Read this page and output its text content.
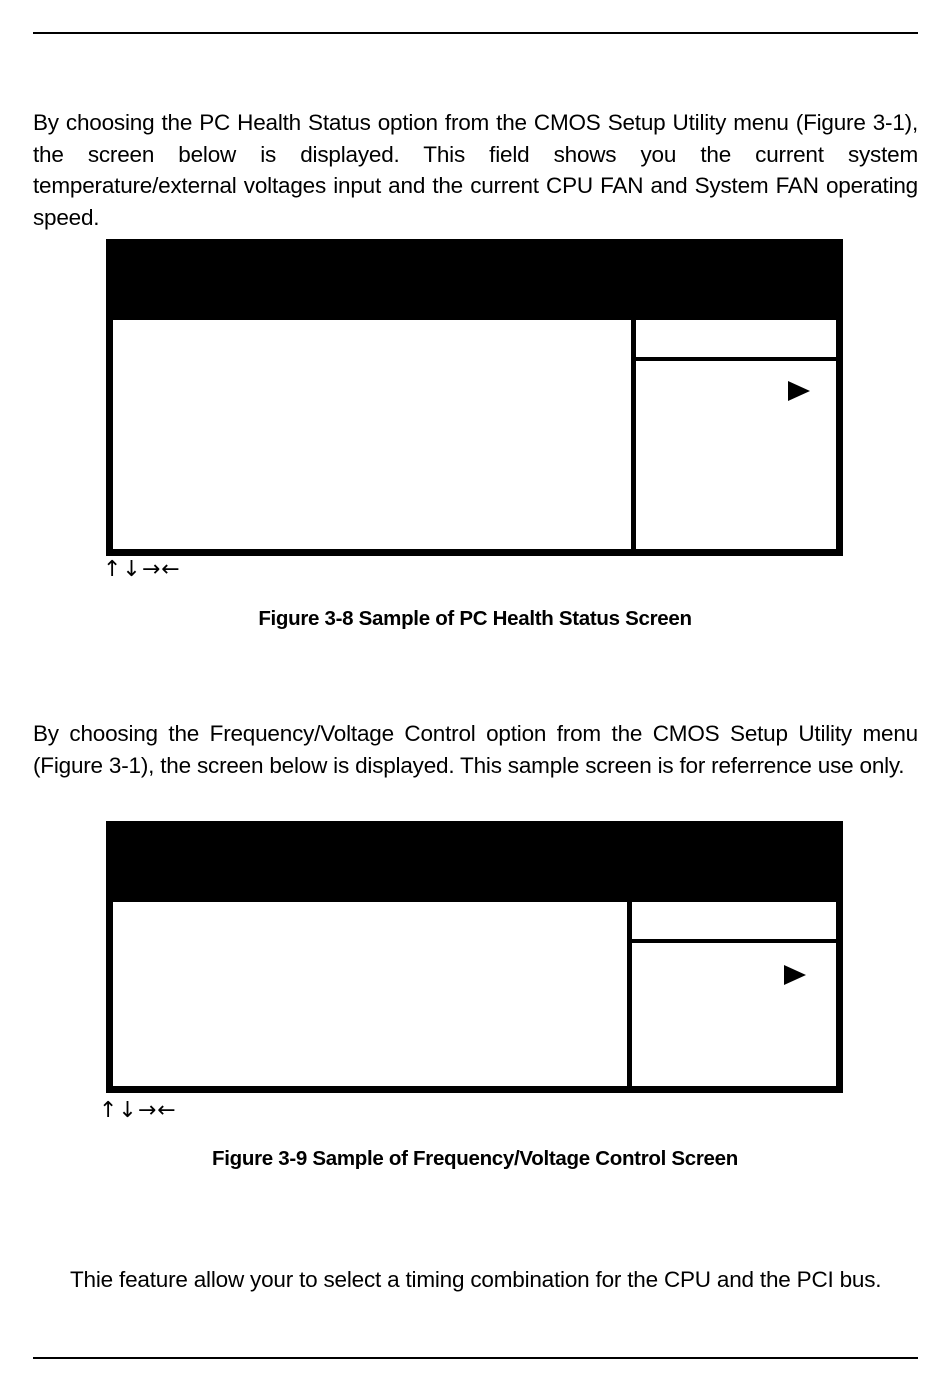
By choosing the PC Health Status option from the CMOS Setup Utility menu (Figure 3-1), the screen below is displayed. This field shows you the current system temperature/external voltages input and the current CPU FAN and System FAN operating speed.

↑↓→←
Figure 3-8 Sample of PC Health Status Screen

By choosing the Frequency/Voltage Control option from the CMOS Setup Utility menu (Figure 3-1), the screen below is displayed. This sample screen is for referrence use only.

↑↓→←
Figure 3-9 Sample of Frequency/Voltage Control Screen

Thie feature allow your to select a timing combination for the CPU and the PCI bus.
